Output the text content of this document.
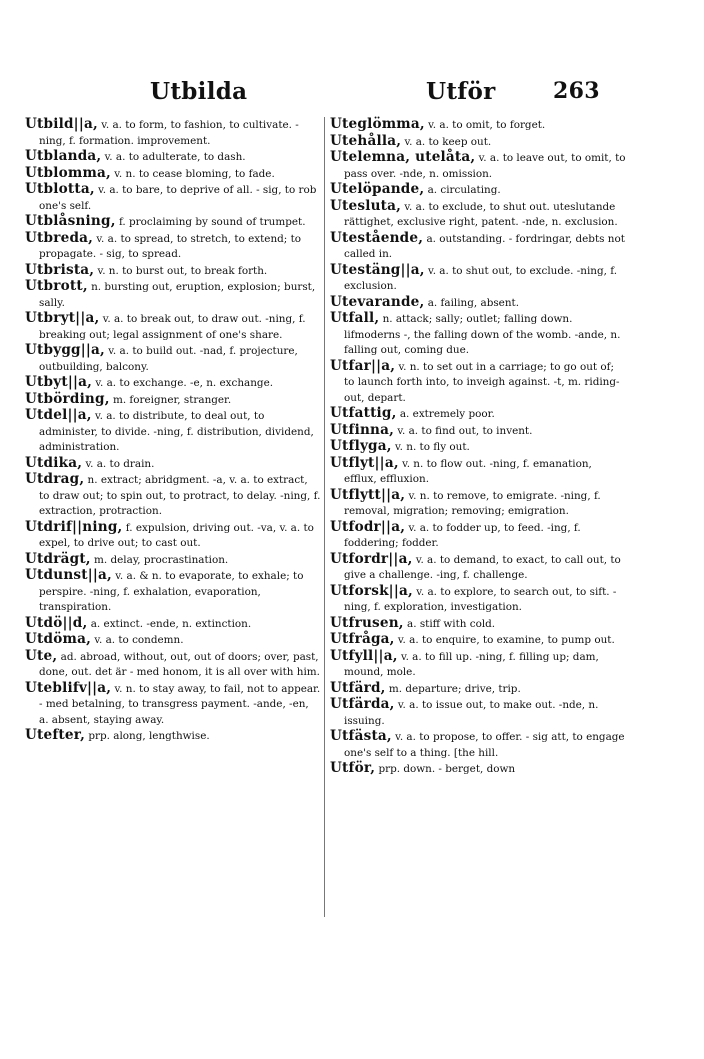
Utbilda	Utför	263

Utbild||a, v. a. to form, to fashion, to cultivate. -ning, f. formation. improvement.

Utblanda, v. a. to adulterate, to dash.

Utblomma, v. n. to cease bloming, to fade.

Utblotta, v. a. to bare, to deprive of all. - sig, to rob one's self.

Utblåsning, f. proclaiming by sound of trumpet.

Utbreda, v. a. to spread, to stretch, to extend; to propagate. - sig, to spread.

Utbrista, v. n. to burst out, to break forth.

Utbrott, n. bursting out, eruption, explosion; burst, sally.

Utbryt||a, v. a. to break out, to draw out. -ning, f. breaking out; legal assignment of one's share.

Utbygg||a, v. a. to build out. -nad, f. projecture, outbuilding, balcony.

Utbyt||a, v. a. to exchange. -e, n. exchange.

Utbörding, m. foreigner, stranger.

Utdel||a, v. a. to distribute, to deal out, to administer, to divide. -ning, f. distribution, dividend, administration.

Utdika, v. a. to drain.

Utdrag, n. extract; abridgment. -a, v. a. to extract, to draw out; to spin out, to protract, to delay. -ning, f. extraction, protraction.

Utdrif||ning, f. expulsion, driving out. -va, v. a. to expel, to drive out; to cast out.

Utdrägt, m. delay, procrastination.

Utdunst||a, v. a. & n. to evaporate, to exhale; to perspire. -ning, f. exhalation, evaporation, transpiration.

Utdö||d, a. extinct. -ende, n. extinction.

Utdöma, v. a. to condemn.

Ute, ad. abroad, without, out, out of doors; over, past, done, out. det är - med honom, it is all over with him.

Uteblifv||a, v. n. to stay away, to fail, not to appear. - med betalning, to transgress payment. -ande, -en, a. absent, staying away.

Utefter, prp. along, lengthwise.

Uteglömma, v. a. to omit, to forget.

Utehålla, v. a. to keep out.

Utelemna, utelåta, v. a. to leave out, to omit, to pass over. -nde, n. omission.

Utelöpande, a. circulating.

Utesluta, v. a. to exclude, to shut out. uteslutande rättighet, exclusive right, patent. -nde, n. exclusion.

Utestående, a. outstanding. - fordringar, debts not called in.

Utestäng||a, v. a. to shut out, to exclude. -ning, f. exclusion.

Utevarande, a. failing, absent.

Utfall, n. attack; sally; outlet; falling down. lifmoderns -, the falling down of the womb. -ande, n. falling out, coming due.

Utfar||a, v. n. to set out in a carriage; to go out of; to launch forth into, to inveigh against. -t, m. riding-out, depart.

Utfattig, a. extremely poor.

Utfinna, v. a. to find out, to invent.

Utflyga, v. n. to fly out.

Utflyt||a, v. n. to flow out. -ning, f. emanation, efflux, effluxion.

Utflytt||a, v. n. to remove, to emigrate. -ning, f. removal, migration; removing; emigration.

Utfodr||a, v. a. to fodder up, to feed. -ing, f. foddering; fodder.

Utfordr||a, v. a. to demand, to exact, to call out, to give a challenge. -ing, f. challenge.

Utforsk||a, v. a. to explore, to search out, to sift. -ning, f. exploration, investigation.

Utfrusen, a. stiff with cold.

Utfråga, v. a. to enquire, to examine, to pump out.

Utfyll||a, v. a. to fill up. -ning, f. filling up; dam, mound, mole.

Utfärd, m. departure; drive, trip.

Utfärda, v. a. to issue out, to make out. -nde, n. issuing.

Utfästa, v. a. to propose, to offer. - sig att, to engage one's self to a thing. [the hill.

Utför, prp. down. - berget, down
